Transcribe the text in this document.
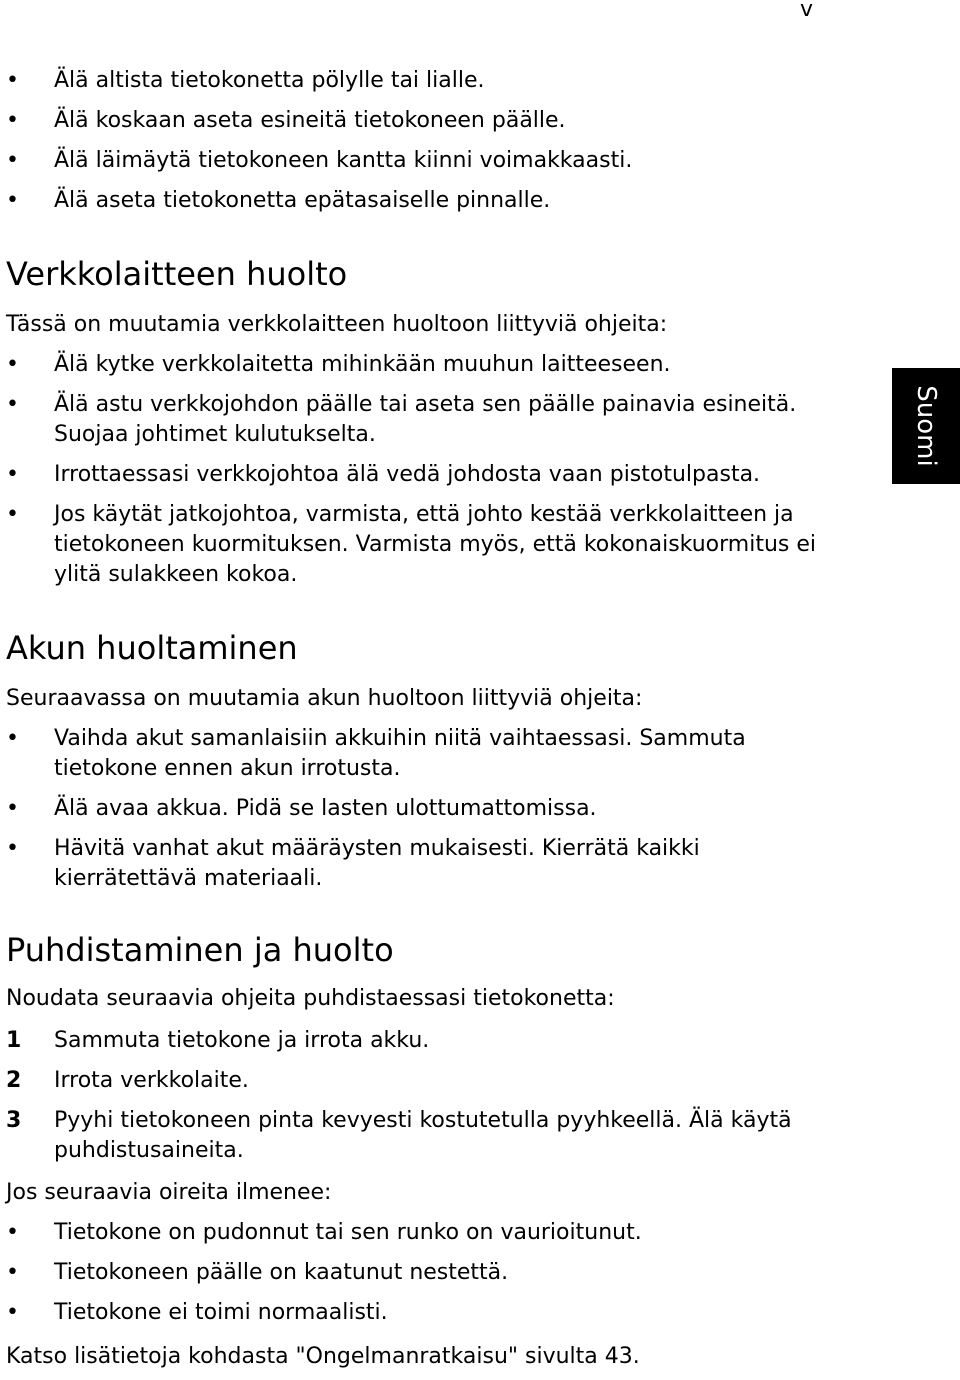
v
Suomi
• Älä altista tietokonetta pölylle tai lialle.
• Älä koskaan aseta esineitä tietokoneen päälle.
• Älä läimäytä tietokoneen kantta kiinni voimakkaasti.
• Älä aseta tietokonetta epätasaiselle pinnalle.
Verkkolaitteen huolto

Tässä on muutamia verkkolaitteen huoltoon liittyviä ohjeita:

• Älä kytke verkkolaitetta mihinkään muuhun laitteeseen.
• Älä astu verkkojohdon päälle tai aseta sen päälle painavia esineitä. Suojaa johtimet kulutukselta.
• Irrottaessasi verkkojohtoa älä vedä johdosta vaan pistotulpasta.
• Jos käytät jatkojohtoa, varmista, että johto kestää verkkolaitteen ja tietokoneen kuormituksen. Varmista myös, että kokonaiskuormitus ei ylitä sulakkeen kokoa.
Akun huoltaminen

Seuraavassa on muutamia akun huoltoon liittyviä ohjeita:

• Vaihda akut samanlaisiin akkuihin niitä vaihtaessasi. Sammuta tietokone ennen akun irrotusta.
• Älä avaa akkua. Pidä se lasten ulottumattomissa.
• Hävitä vanhat akut määräysten mukaisesti. Kierrätä kaikki kierrätettävä materiaali.
Puhdistaminen ja huolto

Noudata seuraavia ohjeita puhdistaessasi tietokonetta:

1 Sammuta tietokone ja irrota akku.
2 Irrota verkkolaite.
3 Pyyhi tietokoneen pinta kevyesti kostutetulla pyyhkeellä. Älä käytä puhdistusaineita.

Jos seuraavia oireita ilmenee:

• Tietokone on pudonnut tai sen runko on vaurioitunut.
• Tietokoneen päälle on kaatunut nestettä.
• Tietokone ei toimi normaalisti.

Katso lisätietoja kohdasta "Ongelmanratkaisu" sivulta 43.
